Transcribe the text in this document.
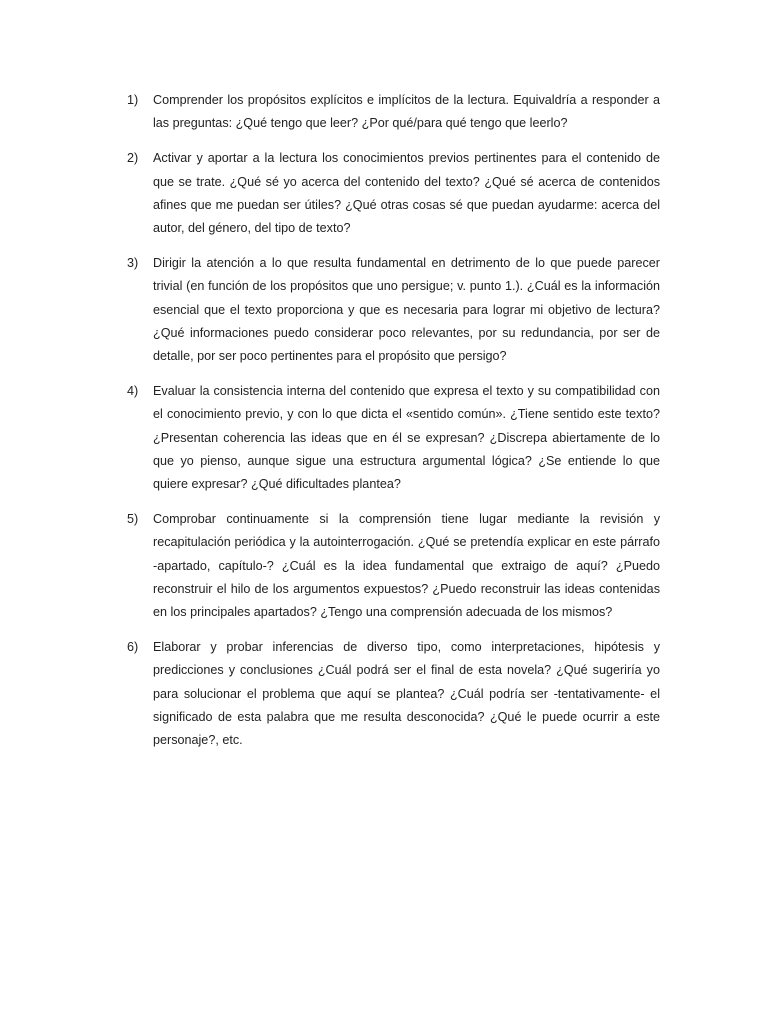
1)	Comprender los propósitos explícitos e implícitos de la lectura. Equivaldría a responder a las preguntas: ¿Qué tengo que leer? ¿Por qué/para qué tengo que leerlo?
2)	Activar y aportar a la lectura los conocimientos previos pertinentes para el contenido de que se trate. ¿Qué sé yo acerca del contenido del texto? ¿Qué sé acerca de contenidos afines que me puedan ser útiles? ¿Qué otras cosas sé que puedan ayudarme: acerca del autor, del género, del tipo de texto?
3)	Dirigir la atención a lo que resulta fundamental en detrimento de lo que puede parecer trivial (en función de los propósitos que uno persigue; v. punto 1.). ¿Cuál es la información esencial que el texto proporciona y que es necesaria para lograr mi objetivo de lectura? ¿Qué informaciones puedo considerar poco relevantes, por su redundancia, por ser de detalle, por ser poco pertinentes para el propósito que persigo?
4)	Evaluar la consistencia interna del contenido que expresa el texto y su compatibilidad con el conocimiento previo, y con lo que dicta el «sentido común». ¿Tiene sentido este texto? ¿Presentan coherencia las ideas que en él se expresan? ¿Discrepa abiertamente de lo que yo pienso, aunque sigue una estructura argumental lógica? ¿Se entiende lo que quiere expresar? ¿Qué dificultades plantea?
5)	Comprobar continuamente si la comprensión tiene lugar mediante la revisión y recapitulación periódica y la autointerrogación. ¿Qué se pretendía explicar en este párrafo -apartado, capítulo-? ¿Cuál es la idea fundamental que extraigo de aquí? ¿Puedo reconstruir el hilo de los argumentos expuestos? ¿Puedo reconstruir las ideas contenidas en los principales apartados? ¿Tengo una comprensión adecuada de los mismos?
6)	Elaborar y probar inferencias de diverso tipo, como interpretaciones, hipótesis y predicciones y conclusiones ¿Cuál podrá ser el final de esta novela? ¿Qué sugeriría yo para solucionar el problema que aquí se plantea? ¿Cuál podría ser -tentativamente- el significado de esta palabra que me resulta desconocida? ¿Qué le puede ocurrir a este personaje?, etc.
